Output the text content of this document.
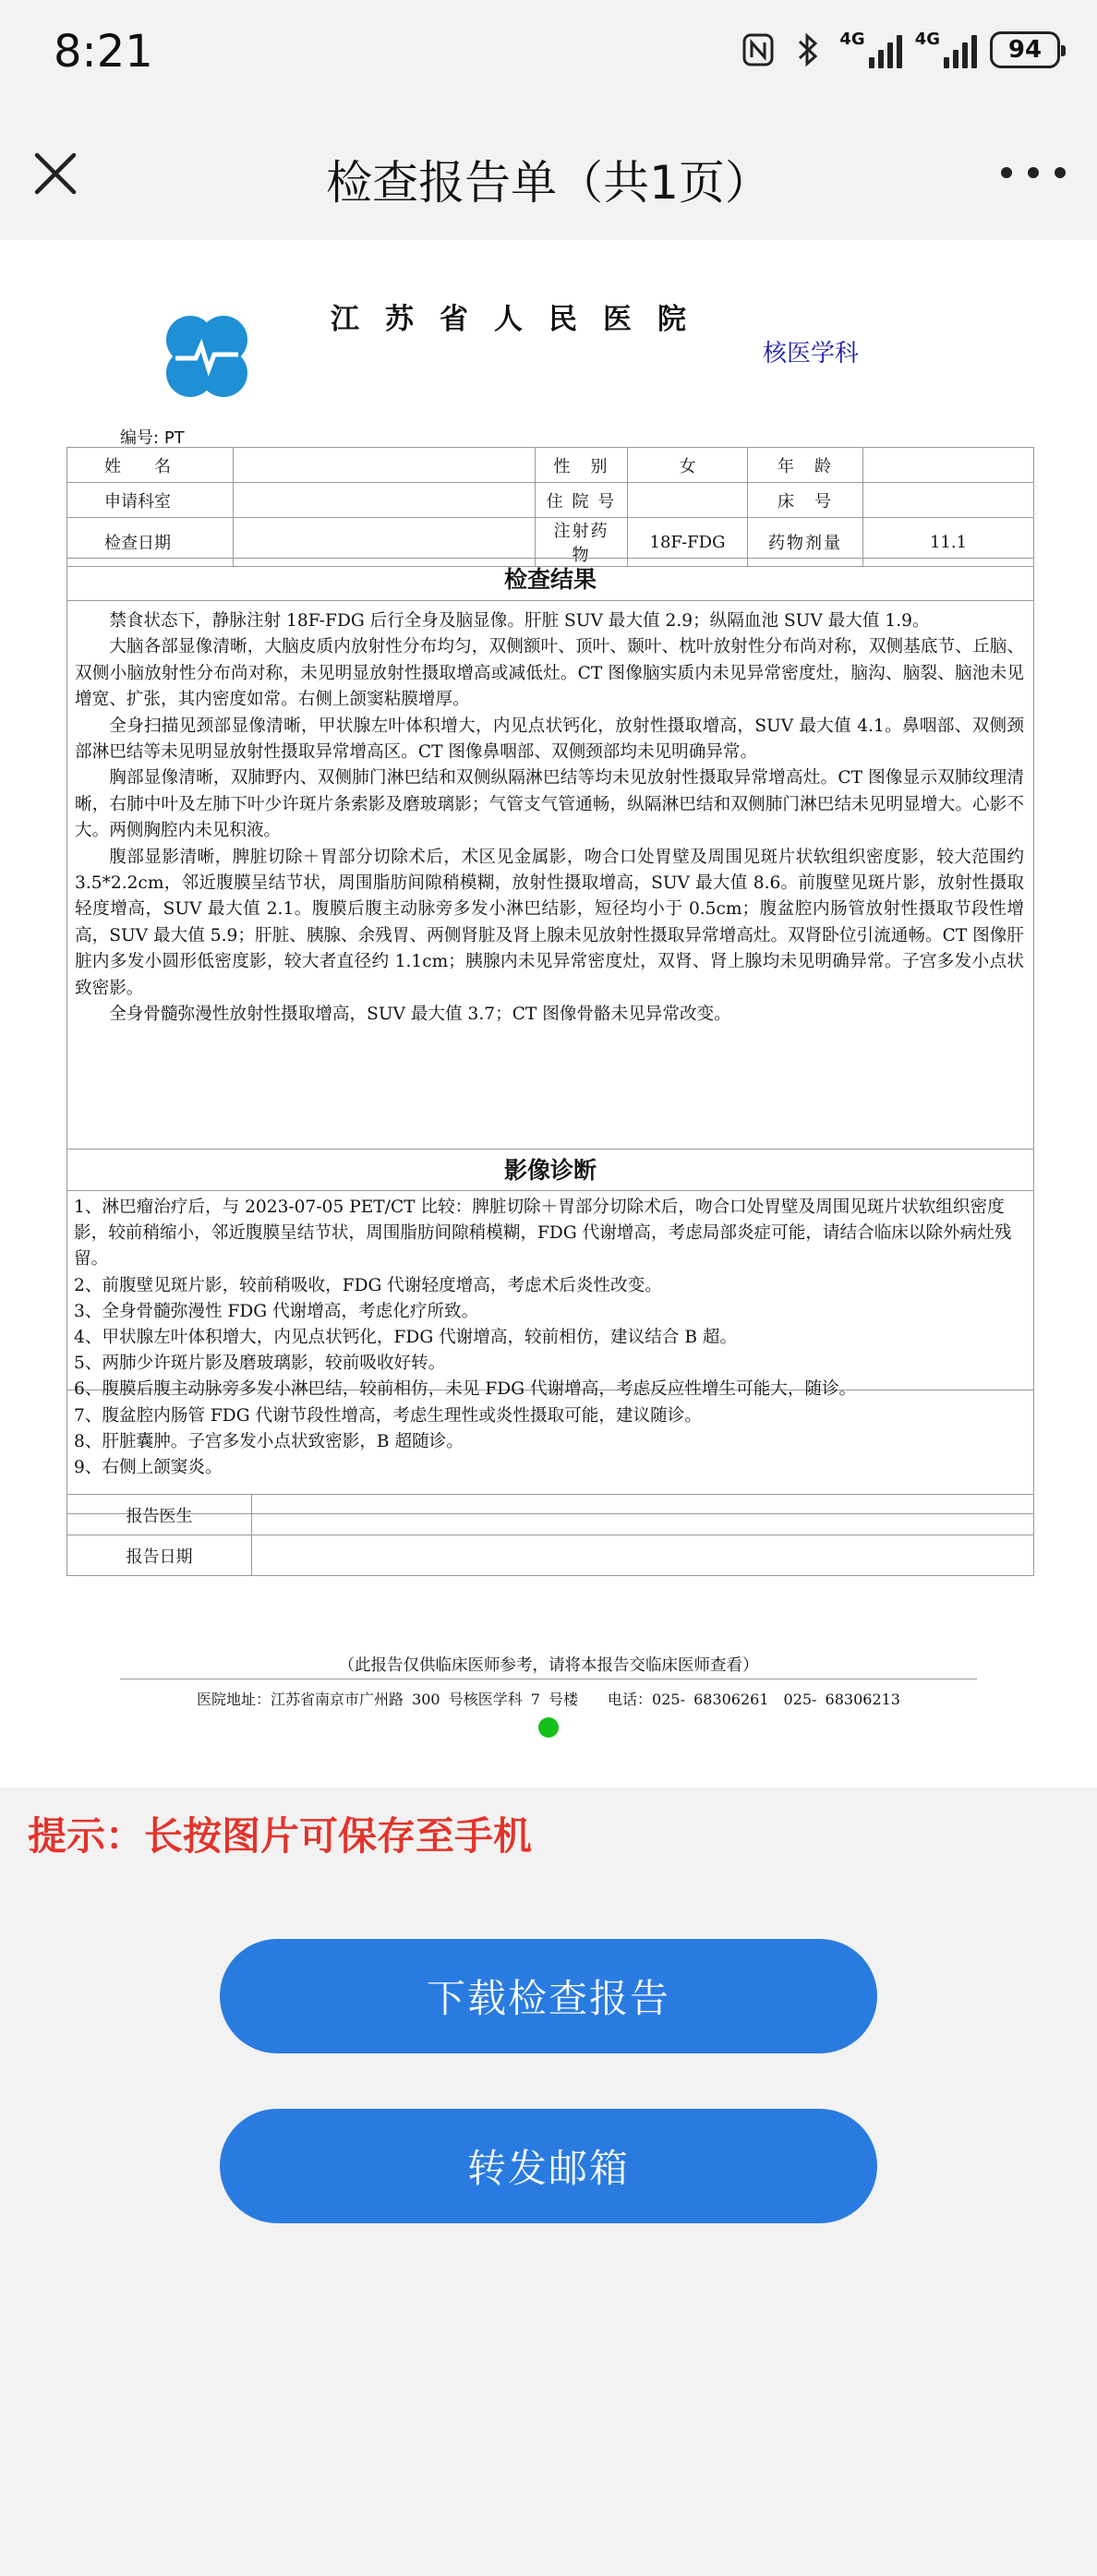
8:21	4G	4G	94
检查报告单（共1页）
江苏省人民医院
核医学科
编号: PT
姓　　名		性　别	女	年　龄	
申请科室		住 院 号		床　号	
检查日期		注射药物	18F-FDG	药物剂量	11.1
检查结果

禁食状态下，静脉注射 18F-FDG 后行全身及脑显像。肝脏 SUV 最大值 2.9；纵隔血池 SUV 最大值 1.9。

大脑各部显像清晰，大脑皮质内放射性分布均匀，双侧额叶、顶叶、颞叶、枕叶放射性分布尚对称，双侧基底节、丘脑、双侧小脑放射性分布尚对称，未见明显放射性摄取增高或减低灶。CT 图像脑实质内未见异常密度灶，脑沟、脑裂、脑池未见增宽、扩张，其内密度如常。右侧上颌窦粘膜增厚。

全身扫描见颈部显像清晰，甲状腺左叶体积增大，内见点状钙化，放射性摄取增高，SUV 最大值 4.1。鼻咽部、双侧颈部淋巴结等未见明显放射性摄取异常增高区。CT 图像鼻咽部、双侧颈部均未见明确异常。

胸部显像清晰，双肺野内、双侧肺门淋巴结和双侧纵隔淋巴结等均未见放射性摄取异常增高灶。CT 图像显示双肺纹理清晰，右肺中叶及左肺下叶少许斑片条索影及磨玻璃影；气管支气管通畅，纵隔淋巴结和双侧肺门淋巴结未见明显增大。心影不大。两侧胸腔内未见积液。

腹部显影清晰，脾脏切除＋胃部分切除术后，术区见金属影，吻合口处胃壁及周围见斑片状软组织密度影，较大范围约 3.5*2.2cm，邻近腹膜呈结节状，周围脂肪间隙稍模糊，放射性摄取增高，SUV 最大值 8.6。前腹壁见斑片影，放射性摄取轻度增高，SUV 最大值 2.1。腹膜后腹主动脉旁多发小淋巴结影，短径均小于 0.5cm；腹盆腔内肠管放射性摄取节段性增高，SUV 最大值 5.9；肝脏、胰腺、余残胃、两侧肾脏及肾上腺未见放射性摄取异常增高灶。双肾卧位引流通畅。CT 图像肝脏内多发小圆形低密度影，较大者直径约 1.1cm；胰腺内未见异常密度灶，双肾、肾上腺均未见明确异常。子宫多发小点状致密影。

全身骨髓弥漫性放射性摄取增高，SUV 最大值 3.7；CT 图像骨骼未见异常改变。

影像诊断
1、淋巴瘤治疗后，与 2023-07-05 PET/CT 比较：脾脏切除＋胃部分切除术后，吻合口处胃壁及周围见斑片状软组织密度影，较前稍缩小，邻近腹膜呈结节状，周围脂肪间隙稍模糊，FDG 代谢增高，考虑局部炎症可能，请结合临床以除外病灶残留。
2、前腹壁见斑片影，较前稍吸收，FDG 代谢轻度增高，考虑术后炎性改变。
3、全身骨髓弥漫性 FDG 代谢增高，考虑化疗所致。
4、甲状腺左叶体积增大，内见点状钙化，FDG 代谢增高，较前相仿，建议结合 B 超。
5、两肺少许斑片影及磨玻璃影，较前吸收好转。
6、腹膜后腹主动脉旁多发小淋巴结，较前相仿，未见 FDG 代谢增高，考虑反应性增生可能大，随诊。
7、腹盆腔内肠管 FDG 代谢节段性增高，考虑生理性或炎性摄取可能，建议随诊。
8、肝脏囊肿。子宫多发小点状致密影，B 超随诊。
9、右侧上颌窦炎。
报告医生	
报告日期	
（此报告仅供临床医师参考，请将本报告交临床医师查看）
医院地址：江苏省南京市广州路 300 号核医学科 7 号楼　　电话：025- 68306261　025- 68306213
提示：长按图片可保存至手机
下载检查报告
转发邮箱
